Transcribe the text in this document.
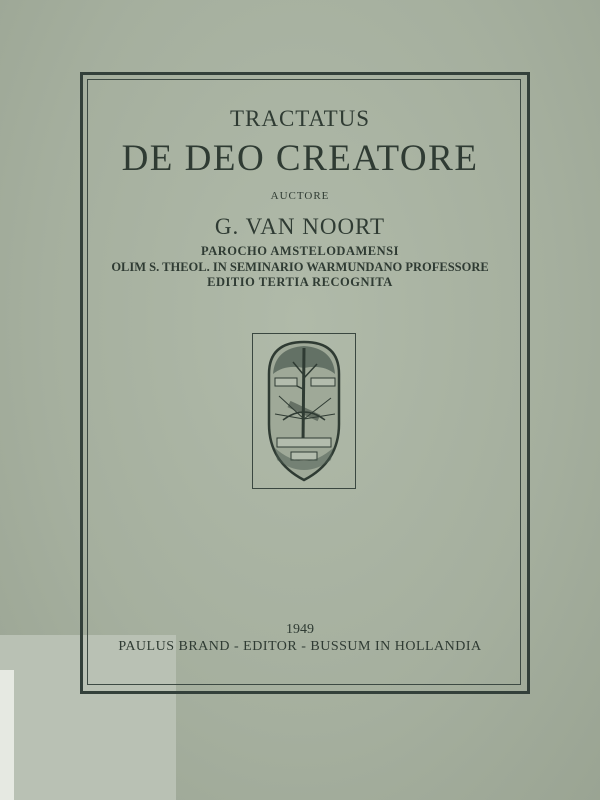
TRACTATUS
DE DEO CREATORE
AUCTORE
G. VAN NOORT
PAROCHO AMSTELODAMENSI
OLIM S. THEOL. IN SEMINARIO WARMUNDANO PROFESSORE
EDITIO TERTIA RECOGNITA
1949
PAULUS BRAND - EDITOR - BUSSUM IN HOLLANDIA
